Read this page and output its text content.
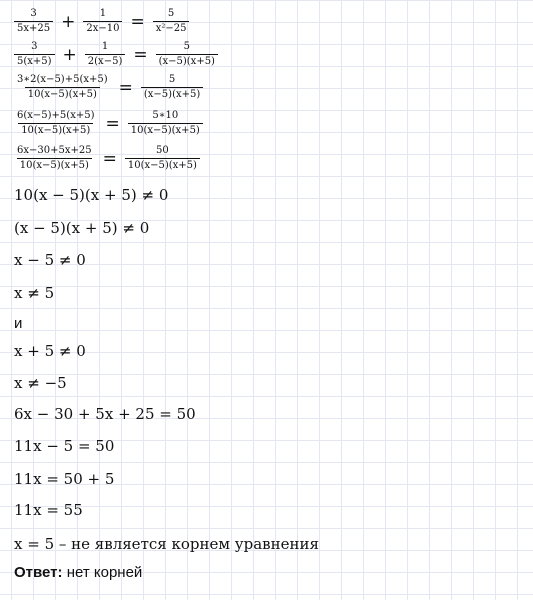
$\frac{3}{5x+25} + \frac{1}{2x-10} = \frac{5}{\text{x²−25}}$
$\frac{3}{5(x+5)} + \frac{1}{2(x-5)} = \frac{5}{(x-5)(x+5)}$
$\frac{3∗2(x-5)+5(x+5)}{10(x-5)(x+5)} = \frac{5}{(x-5)(x+5)}$
$\frac{6(x-5)+5(x+5)}{10(x-5)(x+5)} = \frac{5∗10}{10(x-5)(x+5)}$
$\frac{6x-30+5x+25}{10(x-5)(x+5)} = \frac{50}{10(x-5)(x+5)}$
10(x − 5)(x + 5) ≠ 0
(x − 5)(x + 5) ≠ 0
x − 5 ≠ 0
x ≠ 5
и
x + 5 ≠ 0
x ≠ −5
6x − 30 + 5x + 25 = 50
11x − 5 = 50
11x = 50 + 5
11x = 55
x = 5 – не является корнем уравнения
Ответ: нет корней
